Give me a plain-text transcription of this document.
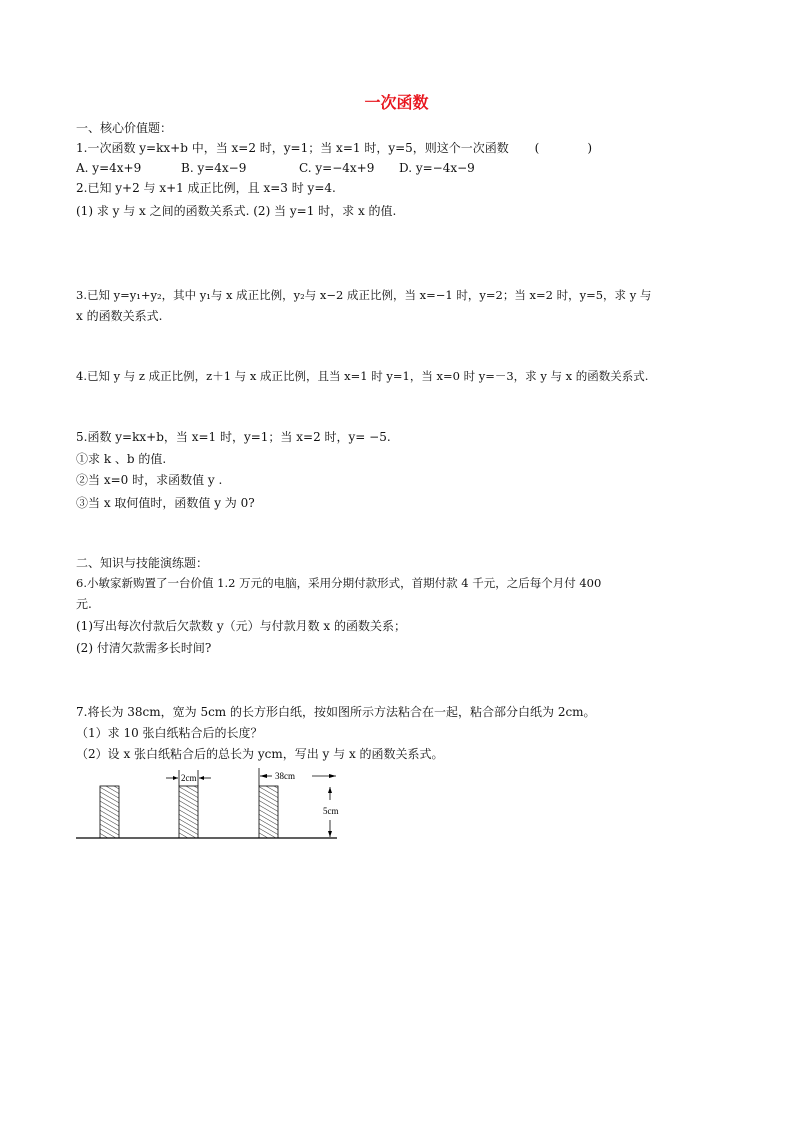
一次函数
一、核心价值题：
1.一次函数 y=kx+b 中，当 x=2 时，y=1；当 x=1 时，y=5，则这个一次函数 (　　　　)
A. y=4x+9	B. y=4x−9	C. y=−4x+9 D. y=−4x−9
2.已知 y+2 与 x+1 成正比例，且 x=3 时 y=4.
(1) 求 y 与 x 之间的函数关系式. (2) 当 y=1 时，求 x 的值.
3.已知 y=y₁+y₂，其中 y₁与 x 成正比例，y₂与 x−2 成正比例，当 x=−1 时，y=2；当 x=2 时，y=5，求 y 与
x 的函数关系式.
4.已知 y 与 z 成正比例，z＋1 与 x 成正比例，且当 x=1 时 y=1，当 x=0 时 y=－3，求 y 与 x 的函数关系式.
5.函数 y=kx+b，当 x=1 时，y=1；当 x=2 时，y= −5.
①求 k 、b 的值.
②当 x=0 时，求函数值 y .
③当 x 取何值时，函数值 y 为 0?
二、知识与技能演练题：
6.小敏家新购置了一台价值 1.2 万元的电脑，采用分期付款形式，首期付款 4 千元，之后每个月付 400
元.
(1)写出每次付款后欠款数 y（元）与付款月数 x 的函数关系；
(2) 付清欠款需多长时间?
7.将长为 38cm，宽为 5cm 的长方形白纸，按如图所示方法粘合在一起，粘合部分白纸为 2cm。
（1）求 10 张白纸粘合后的长度？
（2）设 x 张白纸粘合后的总长为 ycm，写出 y 与 x 的函数关系式。
2cm	38cm
5cm
